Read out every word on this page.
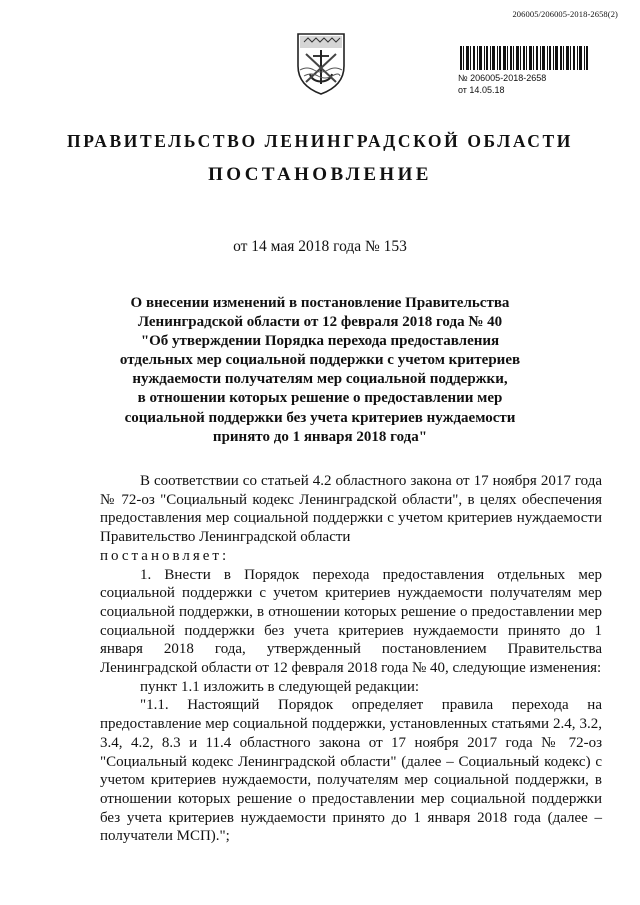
206005/206005-2018-2658(2)
№ 206005-2018-2658
от 14.05.18
ПРАВИТЕЛЬСТВО ЛЕНИНГРАДСКОЙ ОБЛАСТИ
ПОСТАНОВЛЕНИЕ
от 14 мая 2018 года № 153
О внесении изменений в постановление Правительства
Ленинградской области от 12 февраля 2018 года № 40
"Об утверждении Порядка перехода предоставления
отдельных мер социальной поддержки с учетом критериев
нуждаемости получателям мер социальной поддержки,
в отношении которых решение о предоставлении мер
социальной поддержки без учета критериев нуждаемости
принято до 1 января 2018 года"

В соответствии со статьей 4.2 областного закона от 17 ноября 2017 года № 72-оз "Социальный кодекс Ленинградской области", в целях обеспечения предоставления мер социальной поддержки с учетом критериев нуждаемости Правительство Ленинградской области

постановляет:

1. Внести в Порядок перехода предоставления отдельных мер социальной поддержки с учетом критериев нуждаемости получателям мер социальной поддержки, в отношении которых решение о предоставлении мер социальной поддержки без учета критериев нуждаемости принято до 1 января 2018 года, утвержденный постановлением Правительства Ленинградской области от 12 февраля 2018 года № 40, следующие изменения:

пункт 1.1 изложить в следующей редакции:

"1.1. Настоящий Порядок определяет правила перехода на предоставление мер социальной поддержки, установленных статьями 2.4, 3.2, 3.4, 4.2, 8.3 и 11.4 областного закона от 17 ноября 2017 года № 72-оз "Социальный кодекс Ленинградской области" (далее – Социальный кодекс) с учетом критериев нуждаемости, получателям мер социальной поддержки, в отношении которых решение о предоставлении мер социальной поддержки без учета критериев нуждаемости принято до 1 января 2018 года (далее – получатели МСП).";
